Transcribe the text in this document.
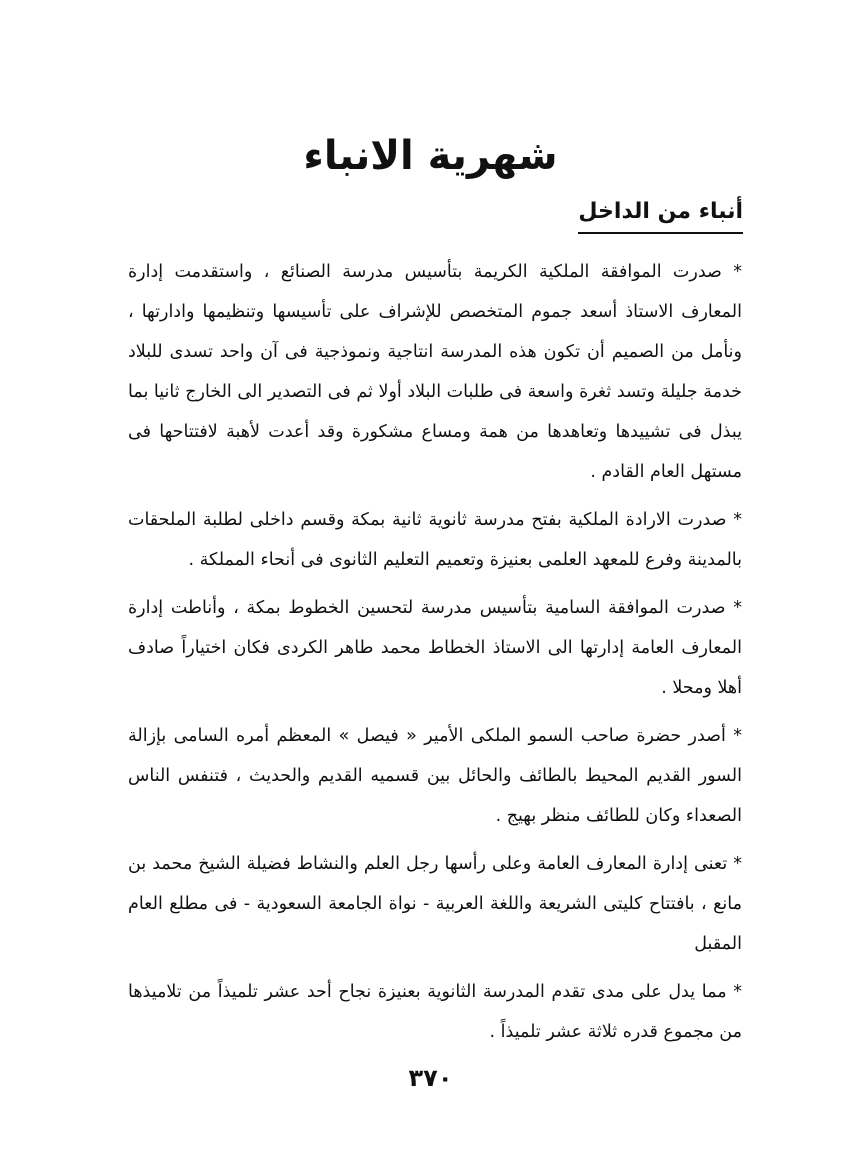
شهرية الانباء
أنباء من الداخل

* صدرت الموافقة الملكية الكريمة بتأسيس مدرسة الصنائع ، واستقدمت إدارة المعارف الاستاذ أسعد جموم المتخصص للإشراف على تأسيسها وتنظيمها وادارتها ، ونأمل من الصميم أن تكون هذه المدرسة انتاجية ونموذجية فى آن واحد تسدى للبلاد خدمة جليلة وتسد ثغرة واسعة فى طلبات البلاد أولا ثم فى التصدير الى الخارج ثانيا بما يبذل فى تشييدها وتعاهدها من همة ومساع مشكورة وقد أعدت لأهبة لافتتاحها فى مستهل العام القادم .

* صدرت الارادة الملكية بفتح مدرسة ثانوية ثانية بمكة وقسم داخلى لطلبة الملحقات بالمدينة وفرع للمعهد العلمى بعنيزة وتعميم التعليم الثانوى فى أنحاء المملكة .

* صدرت الموافقة السامية بتأسيس مدرسة لتحسين الخطوط بمكة ، وأناطت إدارة المعارف العامة إدارتها الى الاستاذ الخطاط محمد طاهر الكردى فكان اختياراً صادف أهلا ومحلا .

* أصدر حضرة صاحب السمو الملكى الأمير « فيصل » المعظم أمره السامى بإزالة السور القديم المحيط بالطائف والحائل بين قسميه القديم والحديث ، فتنفس الناس الصعداء وكان للطائف منظر بهيج .

* تعنى إدارة المعارف العامة وعلى رأسها رجل العلم والنشاط فضيلة الشيخ محمد بن مانع ، بافتتاح كليتى الشريعة واللغة العربية - نواة الجامعة السعودية - فى مطلع العام المقبل

* مما يدل على مدى تقدم المدرسة الثانوية بعنيزة نجاح أحد عشر تلميذاً من تلاميذها من مجموع قدره ثلاثة عشر تلميذاً .

٣٧٠
